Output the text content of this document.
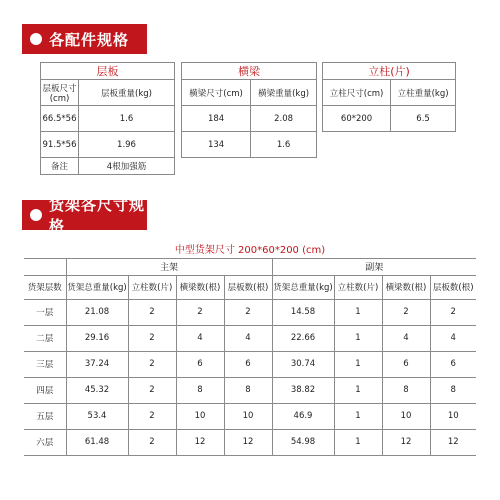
各配件规格
层板	
层板尺寸(cm)	层板重量(kg)
66.5*56	1.6
91.5*56	1.96
备注	4根加强筋
横梁	
横梁尺寸(cm)	横梁重量(kg)
184	2.08
134	1.6
立柱(片)	
立柱尺寸(cm)	立柱重量(kg)
60*200	6.5
货架各尺寸规格
中型货架尺寸 200*60*200 (cm)								
	主架				副架			
货架层数	货架总重量(kg)	立柱数(片)	横梁数(根)	层板数(根)	货架总重量(kg)	立柱数(片)	横梁数(根)	层板数(根)
一层	21.08	2	2	2	14.58	1	2	2
二层	29.16	2	4	4	22.66	1	4	4
三层	37.24	2	6	6	30.74	1	6	6
四层	45.32	2	8	8	38.82	1	8	8
五层	53.4	2	10	10	46.9	1	10	10
六层	61.48	2	12	12	54.98	1	12	12
